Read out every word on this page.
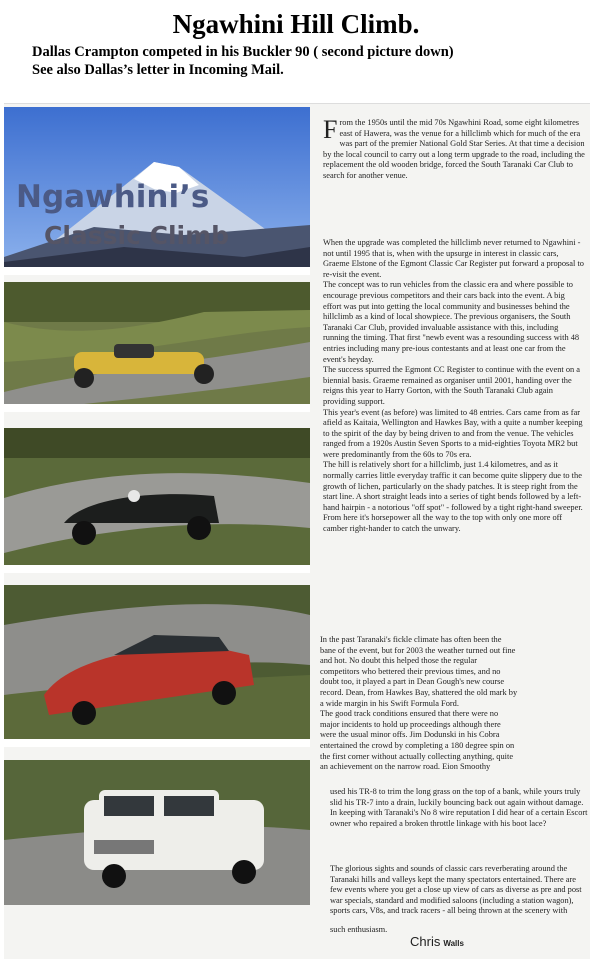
Ngawhini Hill Climb.
Dallas Crampton competed in his Buckler 90 ( second picture down)
See also Dallas’s letter in Incoming Mail.
Ngawhini’s
Classic Climb
From the 1950s until the mid 70s Ngawhini Road, some eight kilometres east of Hawera, was the venue for a hillclimb which for much of the era was part of the premier National Gold Star Series. At that time a decision by the local council to carry out a long term upgrade to the road, including the replacement the old wooden bridge, forced the South Taranaki Car Club to search for another venue.

When the upgrade was completed the hillclimb never returned to Ngawhini - not until 1995 that is, when with the upsurge in interest in classic cars, Graeme Elstone of the Egmont Classic Car Register put forward a proposal to re-visit the event.

The concept was to run vehicles from the classic era and where possible to encourage previous competitors and their cars back into the event. A big effort was put into getting the local community and businesses behind the hillclimb as a kind of local showpiece. The previous organisers, the South Taranaki Car Club, provided invaluable assistance with this, including running the timing. That first "newb event was a resounding success with 48 entries including many pre-ious contestants and at least one car from the event's heyday.

The success spurred the Egmont CC Register to continue with the event on a biennial basis. Graeme remained as organiser until 2001, handing over the reigns this year to Harry Gorton, with the South Taranaki Club again providing support.

This year's event (as before) was limited to 48 entries. Cars came from as far afield as Kaitaia, Wellington and Hawkes Bay, with a quite a number keeping to the spirit of the day by being driven to and from the venue. The vehicles ranged from a 1920s Austin Seven Sports to a mid-eighties Toyota MR2 but were predominantly from the 60s to 70s era.

The hill is relatively short for a hillclimb, just 1.4 kilometres, and as it normally carries little everyday traffic it can become quite slippery due to the growth of lichen, particularly on the shady patches. It is steep right from the start line. A short straight leads into a series of tight bends followed by a left-hand hairpin - a notorious "off spot" - followed by a tight right-hand sweeper. From here it's horsepower all the way to the top with only one more off camber right-hander to catch the unwary.

In the past Taranaki's fickle climate has often been the bane of the event, but for 2003 the weather turned out fine and hot. No doubt this helped those the regular competitors who bettered their previous times, and no doubt too, it played a part in Dean Gough's new course record. Dean, from Hawkes Bay, shattered the old mark by a wide margin in his Swift Formula Ford.

The good track conditions ensured that there were no major incidents to hold up proceedings although there were the usual minor offs. Jim Dodunski in his Cobra entertained the crowd by completing a 180 degree spin on the first corner without actually collecting anything, quite an achievement on the narrow road. Eion Smoothy

used his TR-8 to trim the long grass on the top of a bank, while yours truly slid his TR-7 into a drain, luckily bouncing back out again without damage.

In keeping with Taranaki's No 8 wire reputation I did hear of a certain Escort owner who repaired a broken throttle linkage with his boot lace?

The glorious sights and sounds of classic cars reverberating around the Taranaki hills and valleys kept the many spectators entertained. There are few events where you get a close up view of cars as diverse as pre and post war specials, standard and modified saloons (including a station wagon), sports cars, V8s, and track racers - all being thrown at the scenery with

such enthusiasm.

Chris Walls
